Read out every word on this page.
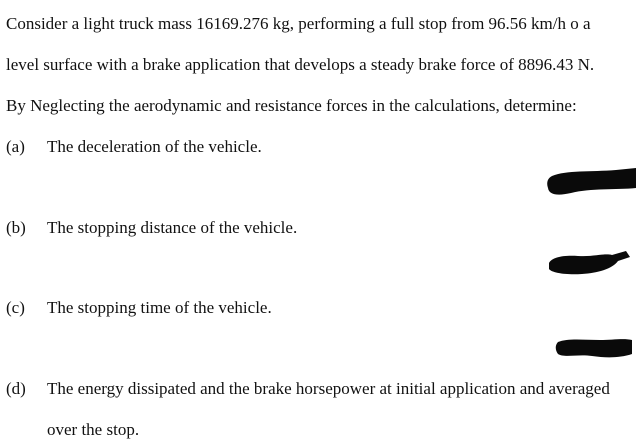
Consider a light truck mass 16169.276 kg, performing a full stop from 96.56 km/h o a
level surface with a brake application that develops a steady brake force of 8896.43 N.
By Neglecting the aerodynamic and resistance forces in the calculations, determine:
(a) The deceleration of the vehicle.
(b) The stopping distance of the vehicle.
(c) The stopping time of the vehicle.
(d) The energy dissipated and the brake horsepower at initial application and averaged
over the stop.
